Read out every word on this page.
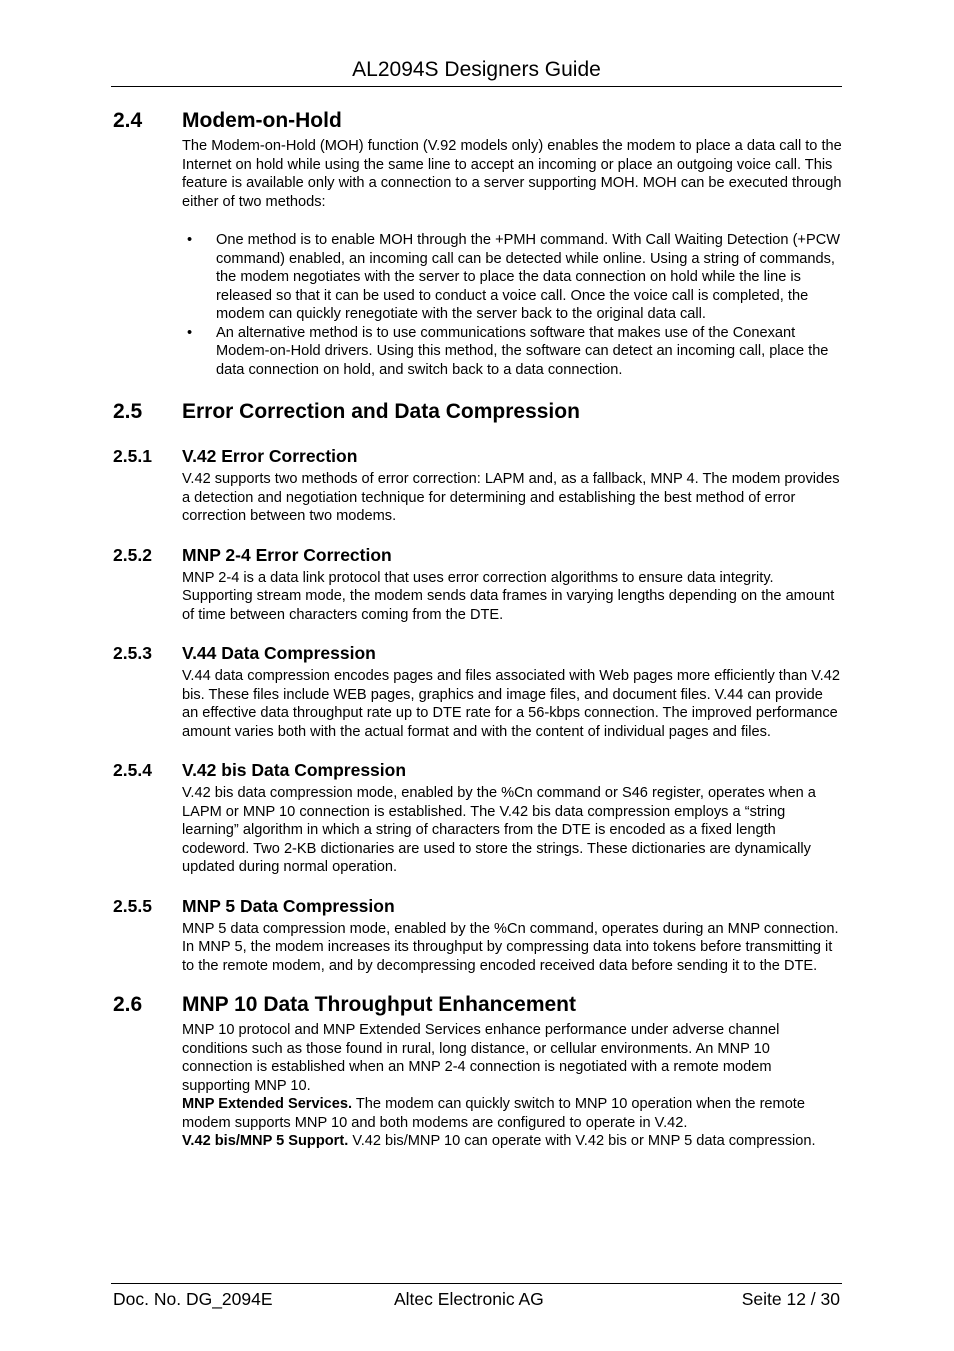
AL2094S Designers Guide
2.4 Modem-on-Hold
The Modem-on-Hold (MOH) function (V.92 models only) enables the modem to place a data call to the Internet on hold while using the same line to accept an incoming or place an outgoing voice call. This feature is available only with a connection to a server supporting MOH. MOH can be executed through either of two methods:
• One method is to enable MOH through the +PMH command. With Call Waiting Detection (+PCW command) enabled, an incoming call can be detected while online. Using a string of commands, the modem negotiates with the server to place the data connection on hold while the line is released so that it can be used to conduct a voice call. Once the voice call is completed, the modem can quickly renegotiate with the server back to the original data call.
• An alternative method is to use communications software that makes use of the Conexant Modem-on-Hold drivers. Using this method, the software can detect an incoming call, place the data connection on hold, and switch back to a data connection.
2.5 Error Correction and Data Compression
2.5.1 V.42 Error Correction
V.42 supports two methods of error correction: LAPM and, as a fallback, MNP 4. The modem provides a detection and negotiation technique for determining and establishing the best method of error correction between two modems.
2.5.2 MNP 2-4 Error Correction
MNP 2-4 is a data link protocol that uses error correction algorithms to ensure data integrity. Supporting stream mode, the modem sends data frames in varying lengths depending on the amount of time between characters coming from the DTE.
2.5.3 V.44 Data Compression
V.44 data compression encodes pages and files associated with Web pages more efficiently than V.42 bis. These files include WEB pages, graphics and image files, and document files. V.44 can provide an effective data throughput rate up to DTE rate for a 56-kbps connection. The improved performance amount varies both with the actual format and with the content of individual pages and files.
2.5.4 V.42 bis Data Compression
V.42 bis data compression mode, enabled by the %Cn command or S46 register, operates when a LAPM or MNP 10 connection is established. The V.42 bis data compression employs a “string learning” algorithm in which a string of characters from the DTE is encoded as a fixed length codeword. Two 2-KB dictionaries are used to store the strings. These dictionaries are dynamically updated during normal operation.
2.5.5 MNP 5 Data Compression
MNP 5 data compression mode, enabled by the %Cn command, operates during an MNP connection.
In MNP 5, the modem increases its throughput by compressing data into tokens before transmitting it to the remote modem, and by decompressing encoded received data before sending it to the DTE.
2.6 MNP 10 Data Throughput Enhancement
MNP 10 protocol and MNP Extended Services enhance performance under adverse channel conditions such as those found in rural, long distance, or cellular environments. An MNP 10 connection is established when an MNP 2-4 connection is negotiated with a remote modem supporting MNP 10.
MNP Extended Services. The modem can quickly switch to MNP 10 operation when the remote modem supports MNP 10 and both modems are configured to operate in V.42.
V.42 bis/MNP 5 Support. V.42 bis/MNP 10 can operate with V.42 bis or MNP 5 data compression.
Doc. No. DG_2094E	Altec Electronic AG	Seite 12 / 30
